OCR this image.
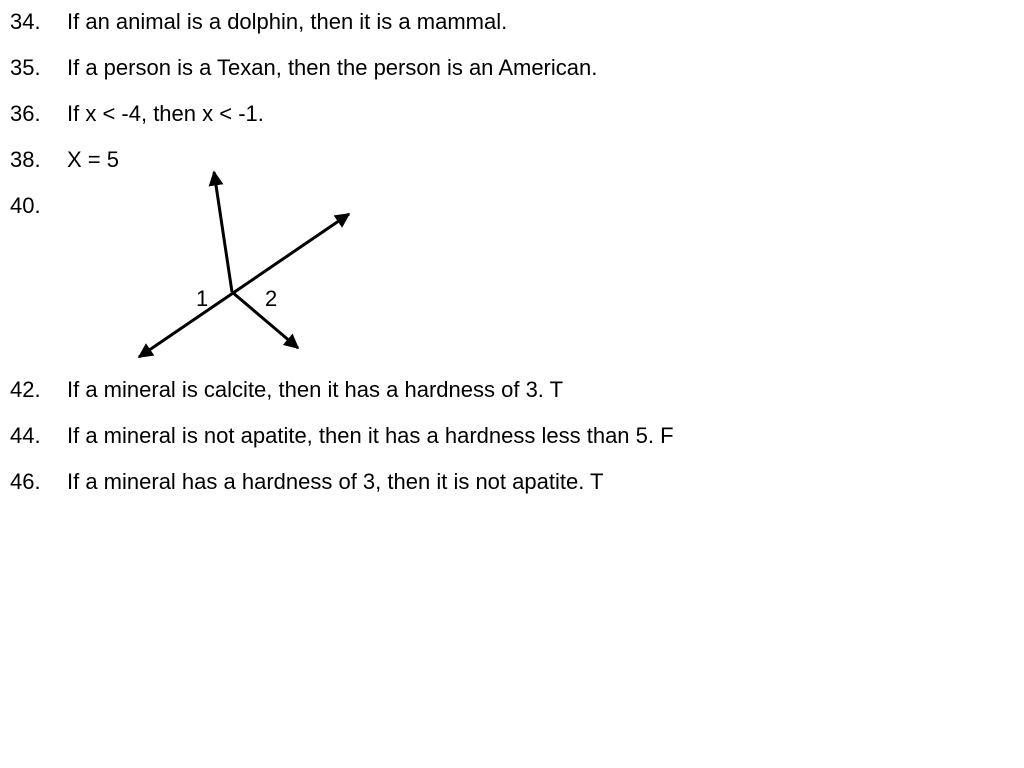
34. If an animal is a dolphin, then it is a mammal.
35. If a person is a Texan, then the person is an American.
36. If x < -4, then x < -1.
38. X = 5
40.
1	2
42. If a mineral is calcite, then it has a hardness of 3. T
44. If a mineral is not apatite, then it has a hardness less than 5. F
46. If a mineral has a hardness of 3, then it is not apatite. T
